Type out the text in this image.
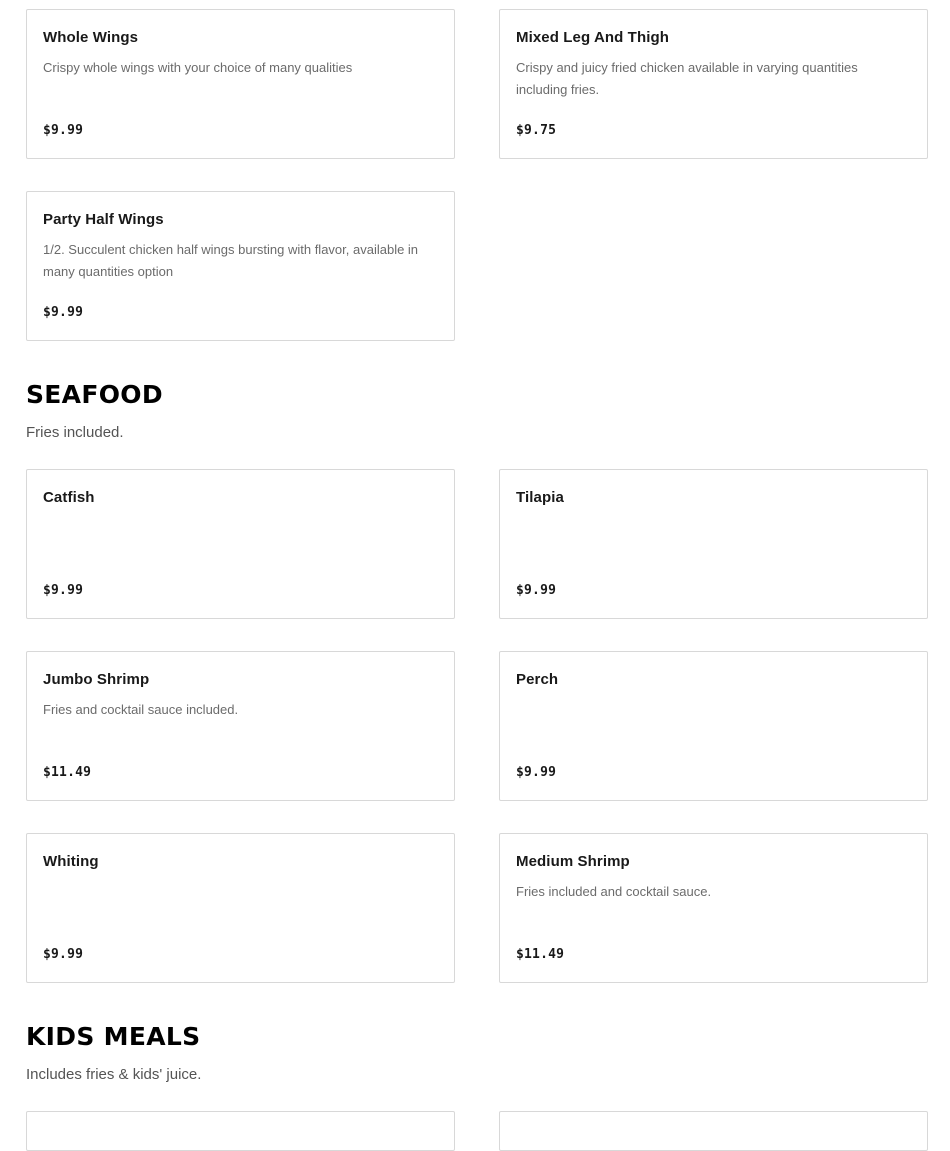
Whole Wings
Crispy whole wings with your choice of many qualities
$9.99
Mixed Leg And Thigh
Crispy and juicy fried chicken available in varying quantities including fries.
$9.75
Party Half Wings
1/2. Succulent chicken half wings bursting with flavor, available in many quantities option
$9.99
SEAFOOD
Fries included.
Catfish
$9.99
Tilapia
$9.99
Jumbo Shrimp
Fries and cocktail sauce included.
$11.49
Perch
$9.99
Whiting
$9.99
Medium Shrimp
Fries included and cocktail sauce.
$11.49
KIDS MEALS
Includes fries & kids' juice.
